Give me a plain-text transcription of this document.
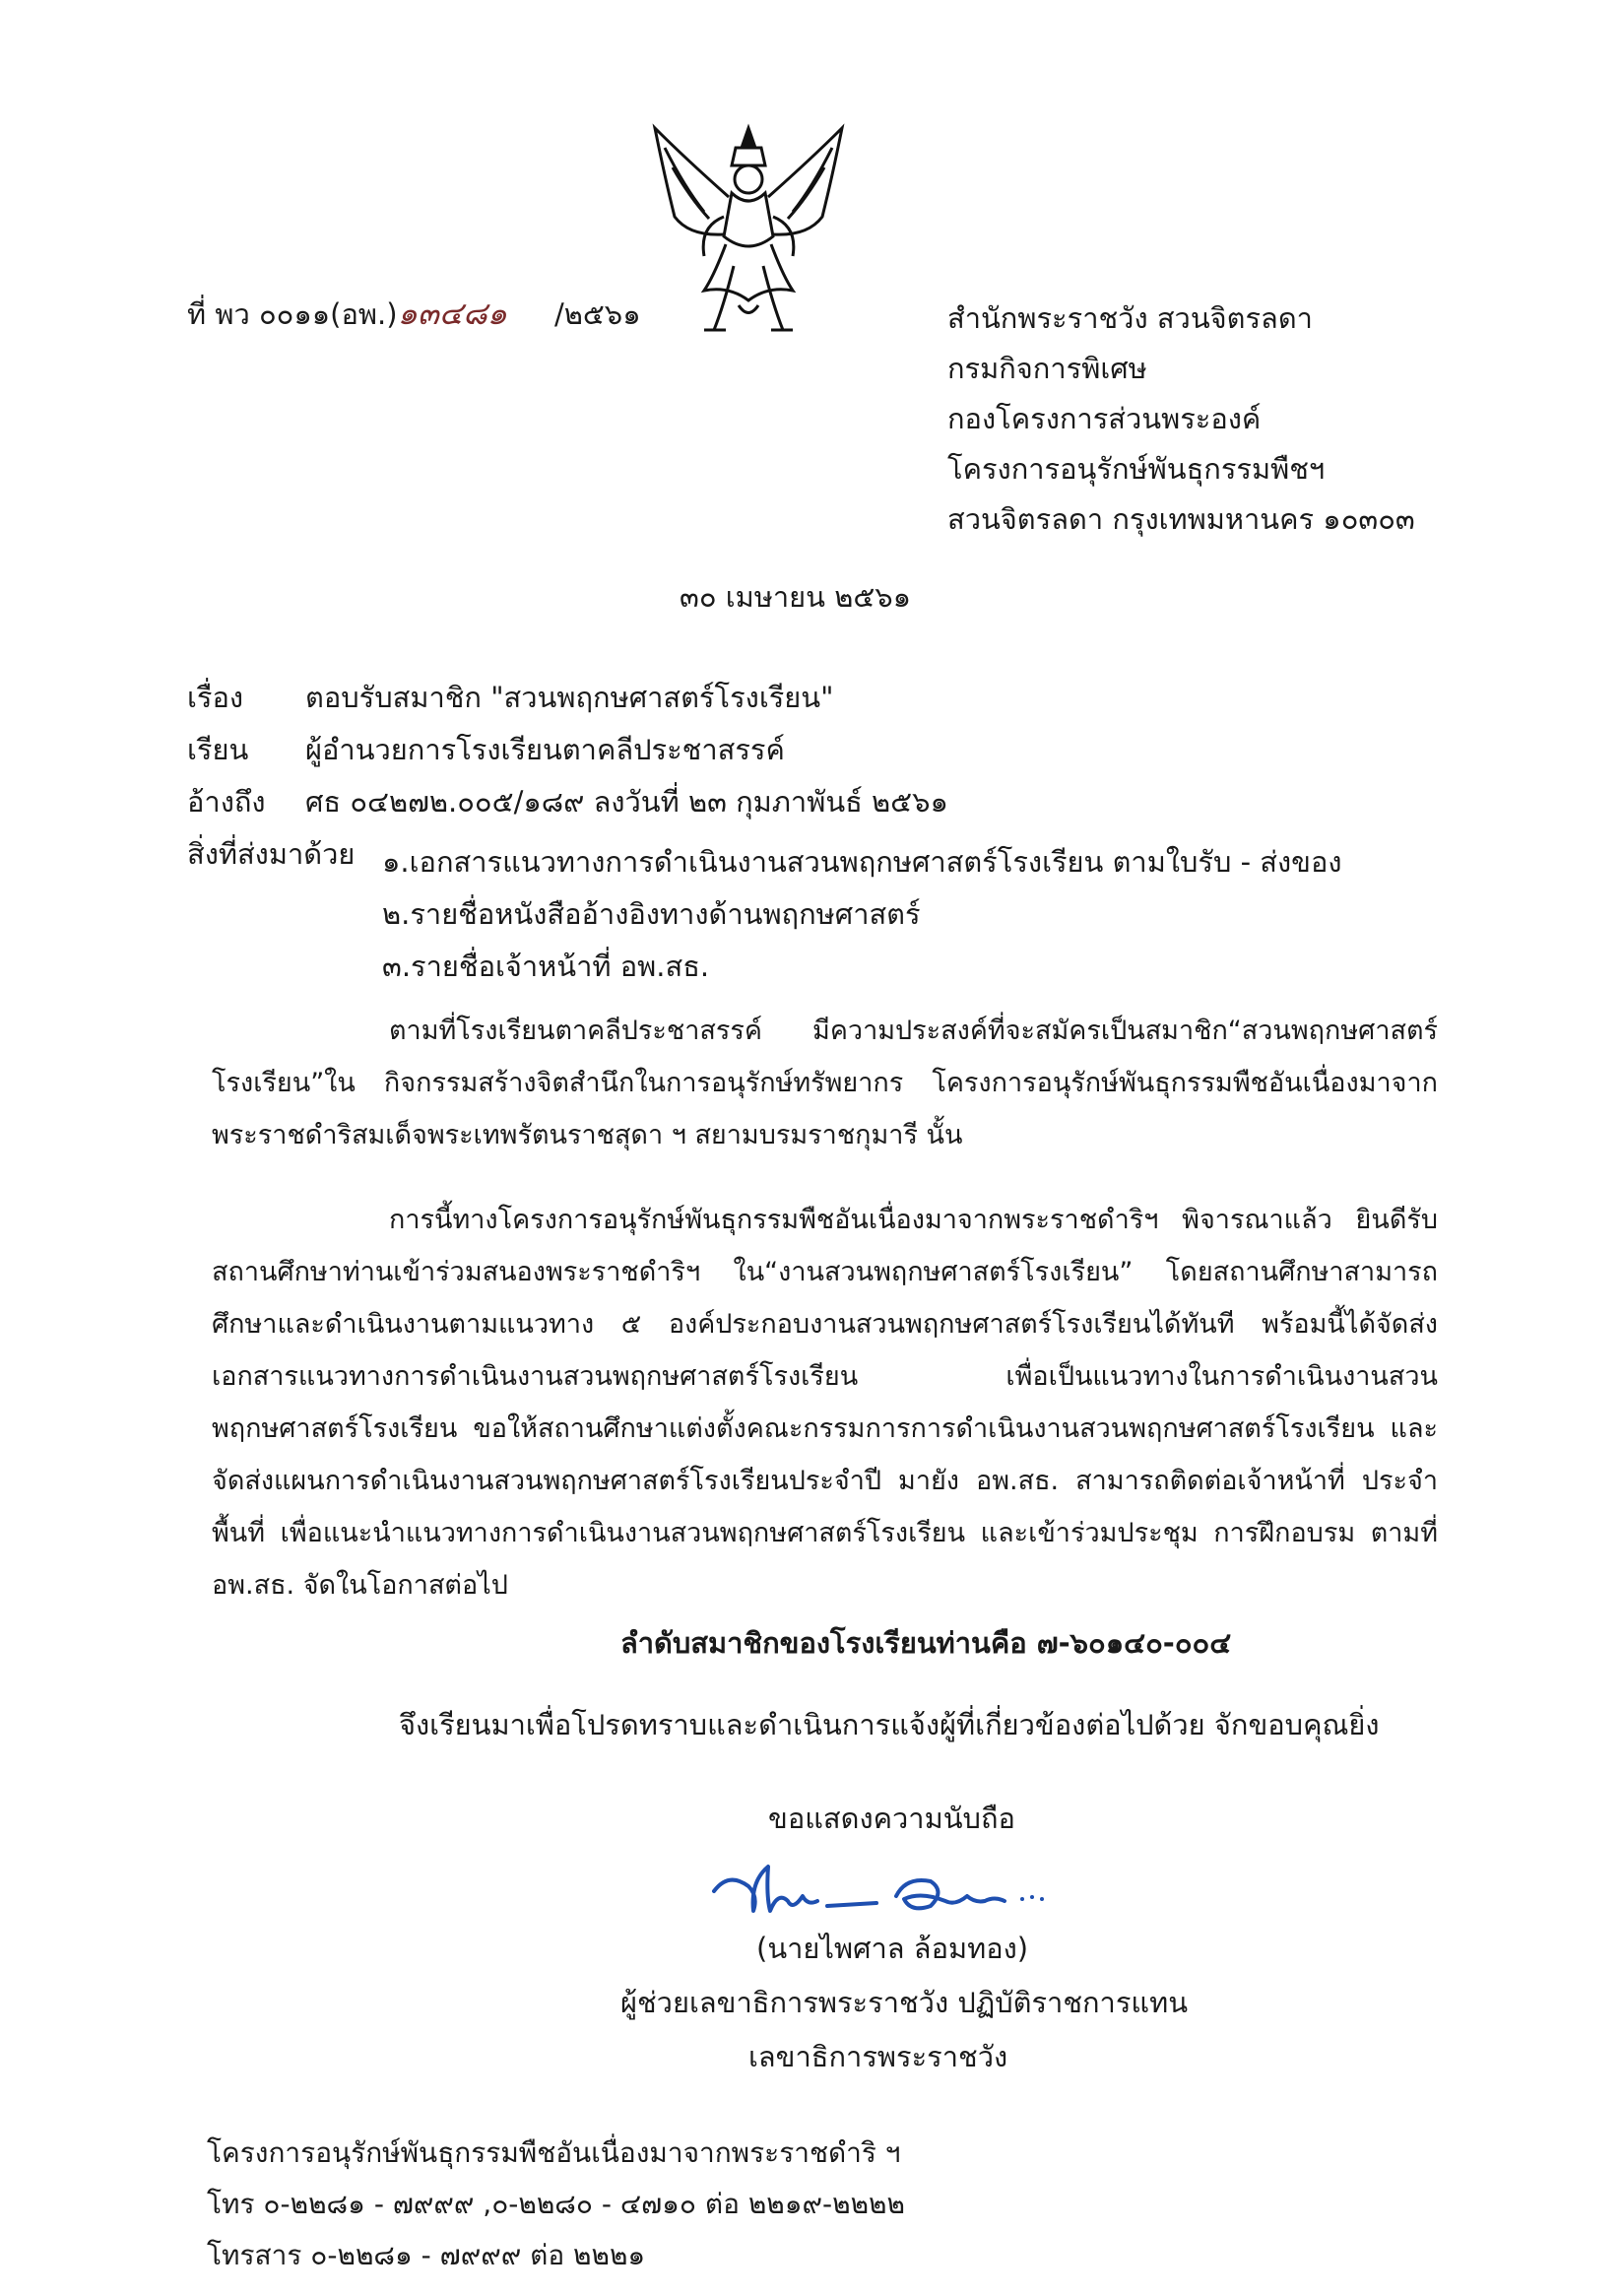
ที่ พว ๐๐๑๑(อพ.)๑๓๔๘๑ /๒๕๖๑	สำนักพระราชวัง สวนจิตรลดา
กรมกิจการพิเศษ
กองโครงการส่วนพระองค์
โครงการอนุรักษ์พันธุกรรมพืชฯ
สวนจิตรลดา กรุงเทพมหานคร ๑๐๓๐๓
๓๐ เมษายน ๒๕๖๑
เรื่อง ตอบรับสมาชิก "สวนพฤกษศาสตร์โรงเรียน"
เรียน ผู้อำนวยการโรงเรียนตาคลีประชาสรรค์
อ้างถึง ศธ ๐๔๒๗๒.๐๐๕/๑๘๙ ลงวันที่ ๒๓ กุมภาพันธ์ ๒๕๖๑
สิ่งที่ส่งมาด้วย ๑.เอกสารแนวทางการดำเนินงานสวนพฤกษศาสตร์โรงเรียน ตามใบรับ - ส่งของ
๒.รายชื่อหนังสืออ้างอิงทางด้านพฤกษศาสตร์
๓.รายชื่อเจ้าหน้าที่ อพ.สธ.
ตามที่โรงเรียนตาคลีประชาสรรค์ มีความประสงค์ที่จะสมัครเป็นสมาชิก“สวนพฤกษศาสตร์โรงเรียน”ใน กิจกรรมสร้างจิตสำนึกในการอนุรักษ์ทรัพยากร โครงการอนุรักษ์พันธุกรรมพืชอันเนื่องมาจากพระราชดำริสมเด็จพระเทพรัตนราชสุดา ฯ สยามบรมราชกุมารี นั้น
การนี้ทางโครงการอนุรักษ์พันธุกรรมพืชอันเนื่องมาจากพระราชดำริฯ พิจารณาแล้ว ยินดีรับสถานศึกษาท่านเข้าร่วมสนองพระราชดำริฯ ใน“งานสวนพฤกษศาสตร์โรงเรียน” โดยสถานศึกษาสามารถศึกษาและดำเนินงานตามแนวทาง ๕ องค์ประกอบงานสวนพฤกษศาสตร์โรงเรียนได้ทันที พร้อมนี้ได้จัดส่งเอกสารแนวทางการดำเนินงานสวนพฤกษศาสตร์โรงเรียน เพื่อเป็นแนวทางในการดำเนินงานสวนพฤกษศาสตร์โรงเรียน ขอให้สถานศึกษาแต่งตั้งคณะกรรมการการดำเนินงานสวนพฤกษศาสตร์โรงเรียน และจัดส่งแผนการดำเนินงานสวนพฤกษศาสตร์โรงเรียนประจำปี มายัง อพ.สธ. สามารถติดต่อเจ้าหน้าที่ ประจำพื้นที่ เพื่อแนะนำแนวทางการดำเนินงานสวนพฤกษศาสตร์โรงเรียน และเข้าร่วมประชุม การฝึกอบรม ตามที่ อพ.สธ. จัดในโอกาสต่อไป
ลำดับสมาชิกของโรงเรียนท่านคือ ๗-๖๐๑๔๐-๐๐๔
จึงเรียนมาเพื่อโปรดทราบและดำเนินการแจ้งผู้ที่เกี่ยวข้องต่อไปด้วย จักขอบคุณยิ่ง
ขอแสดงความนับถือ
(นายไพศาล ล้อมทอง)
ผู้ช่วยเลขาธิการพระราชวัง ปฏิบัติราชการแทน
เลขาธิการพระราชวัง
โครงการอนุรักษ์พันธุกรรมพืชอันเนื่องมาจากพระราชดำริ ฯ
โทร ๐-๒๒๘๑ - ๗๙๙๙ ,๐-๒๒๘๐ - ๔๗๑๐ ต่อ ๒๒๑๙-๒๒๒๒
โทรสาร ๐-๒๒๘๑ - ๗๙๙๙ ต่อ ๒๒๒๑
